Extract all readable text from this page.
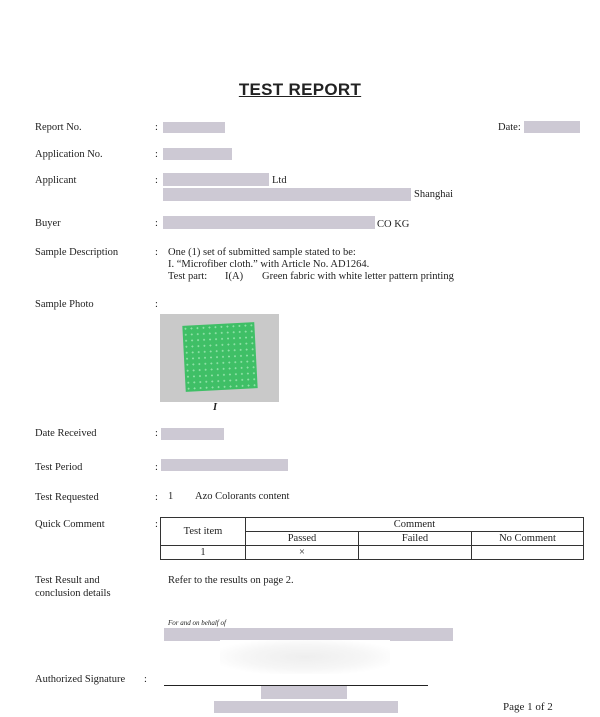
TEST REPORT
Report No.	:	Date:
Application No.	:
Applicant	:	Ltd
Shanghai
Buyer	:	CO KG
Sample Description	: One (1) set of submitted sample stated to be:
I. “Microfiber cloth.” with Article No. AD1264.
Test part: I(A) Green fabric with white letter pattern printing
Sample Photo	:
I
Date Received	:
Test Period	:
Test Requested	: 1 Azo Colorants content
Quick Comment	:
Test item	Comment		
	Passed	Failed	No Comment
1	×		
Test Result and
conclusion details
Refer to the results on page 2.
For and on behalf of
Authorized Signature :
Page 1 of 2
